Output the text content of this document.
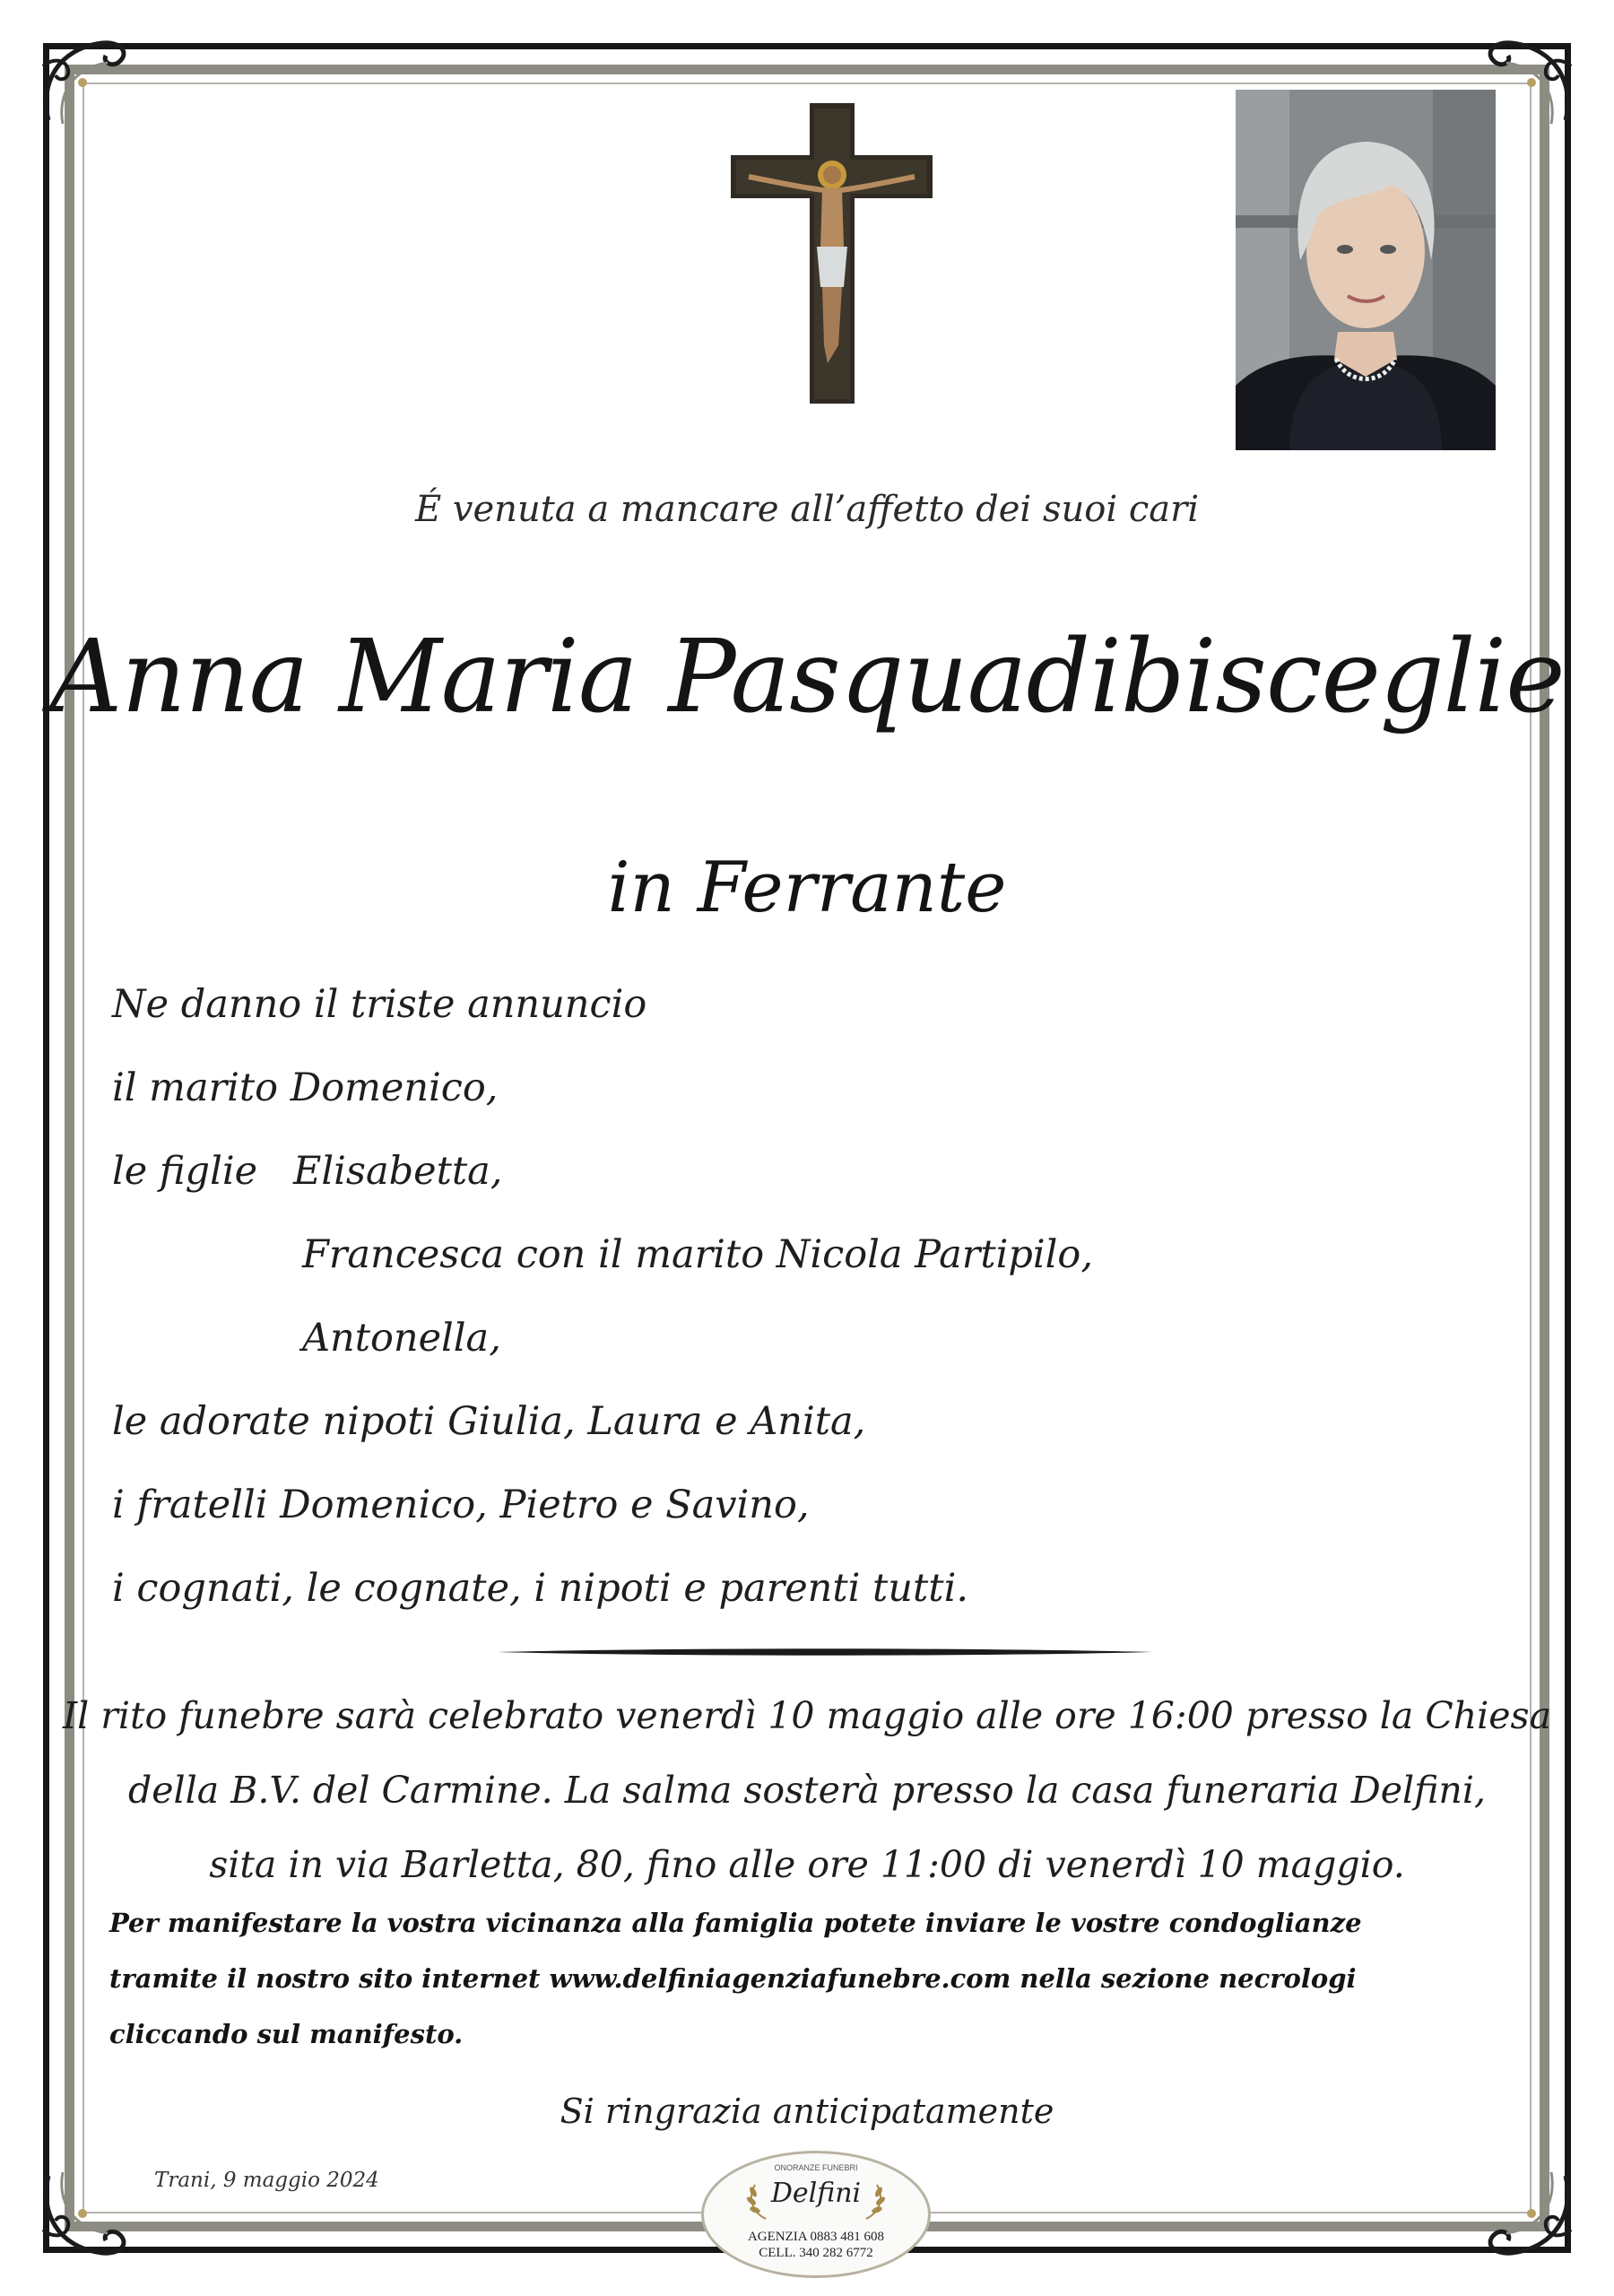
É venuta a mancare all’affetto dei suoi cari
Anna Maria Pasquadibisceglie
in Ferrante
Ne danno il triste annuncio
il marito Domenico,
le figlie Elisabetta,
Francesca con il marito Nicola Partipilo,
Antonella,
le adorate nipoti Giulia, Laura e Anita,
i fratelli Domenico, Pietro e Savino,
i cognati, le cognate, i nipoti e parenti tutti.
Il rito funebre sarà celebrato venerdì 10 maggio alle ore 16:00 presso la Chiesa
della B.V. del Carmine. La salma sosterà presso la casa funeraria Delfini,
sita in via Barletta, 80, fino alle ore 11:00 di venerdì 10 maggio.
Per manifestare la vostra vicinanza alla famiglia potete inviare le vostre condoglianze
tramite il nostro sito internet www.delfiniagenziafunebre.com nella sezione necrologi
cliccando sul manifesto.
Si ringrazia anticipatamente
Trani, 9 maggio 2024
ONORANZE FUNEBRI
Delfini
AGENZIA 0883 481 608
CELL. 340 282 6772
